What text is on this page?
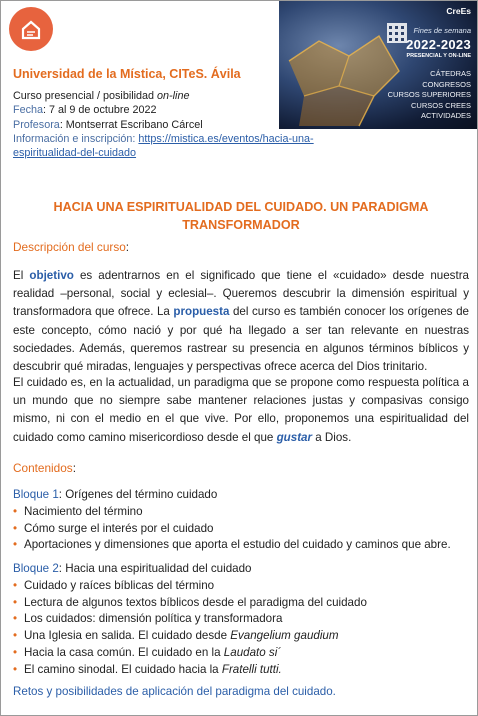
CreEs
Fines de semana
2022-2023
PRESENCIAL Y ON-LINE
CÁTEDRAS
CONGRESOS
CURSOS SUPERIORES
CURSOS CREES
ACTIVIDADES
Universidad de la Mística, CITeS. Ávila
Curso presencial / posibilidad on-line
Fecha: 7 al 9 de octubre 2022
Profesora: Montserrat Escribano Cárcel
Información e inscripción: https://mistica.es/eventos/hacia-una-
espiritualidad-del-cuidado
HACIA UNA ESPIRITUALIDAD DEL CUIDADO. UN PARADIGMA
TRANSFORMADOR
Descripción del curso:
El objetivo es adentrarnos en el significado que tiene el «cuidado» desde nuestra realidad –personal, social y eclesial–. Queremos descubrir la dimensión espiritual y transformadora que ofrece. La propuesta del curso es también conocer los orígenes de este concepto, cómo nació y por qué ha llegado a ser tan relevante en nuestras sociedades. Además, queremos rastrear su presencia en algunos términos bíblicos y descubrir qué miradas, lenguajes y perspectivas ofrece acerca del Dios trinitario.
El cuidado es, en la actualidad, un paradigma que se propone como respuesta política a un mundo que no siempre sabe mantener relaciones justas y compasivas consigo mismo, ni con el medio en el que vive. Por ello, proponemos una espiritualidad del cuidado como camino misericordioso desde el que gustar a Dios.
Contenidos:
Bloque 1: Orígenes del término cuidado
• Nacimiento del término
• Cómo surge el interés por el cuidado
• Aportaciones y dimensiones que aporta el estudio del cuidado y caminos que abre.
Bloque 2: Hacia una espiritualidad del cuidado
• Cuidado y raíces bíblicas del término
• Lectura de algunos textos bíblicos desde el paradigma del cuidado
• Los cuidados: dimensión política y transformadora
• Una Iglesia en salida. El cuidado desde Evangelium gaudium
• Hacia la casa común. El cuidado en la Laudato si´
• El camino sinodal. El cuidado hacia la Fratelli tutti.
Retos y posibilidades de aplicación del paradigma del cuidado.
